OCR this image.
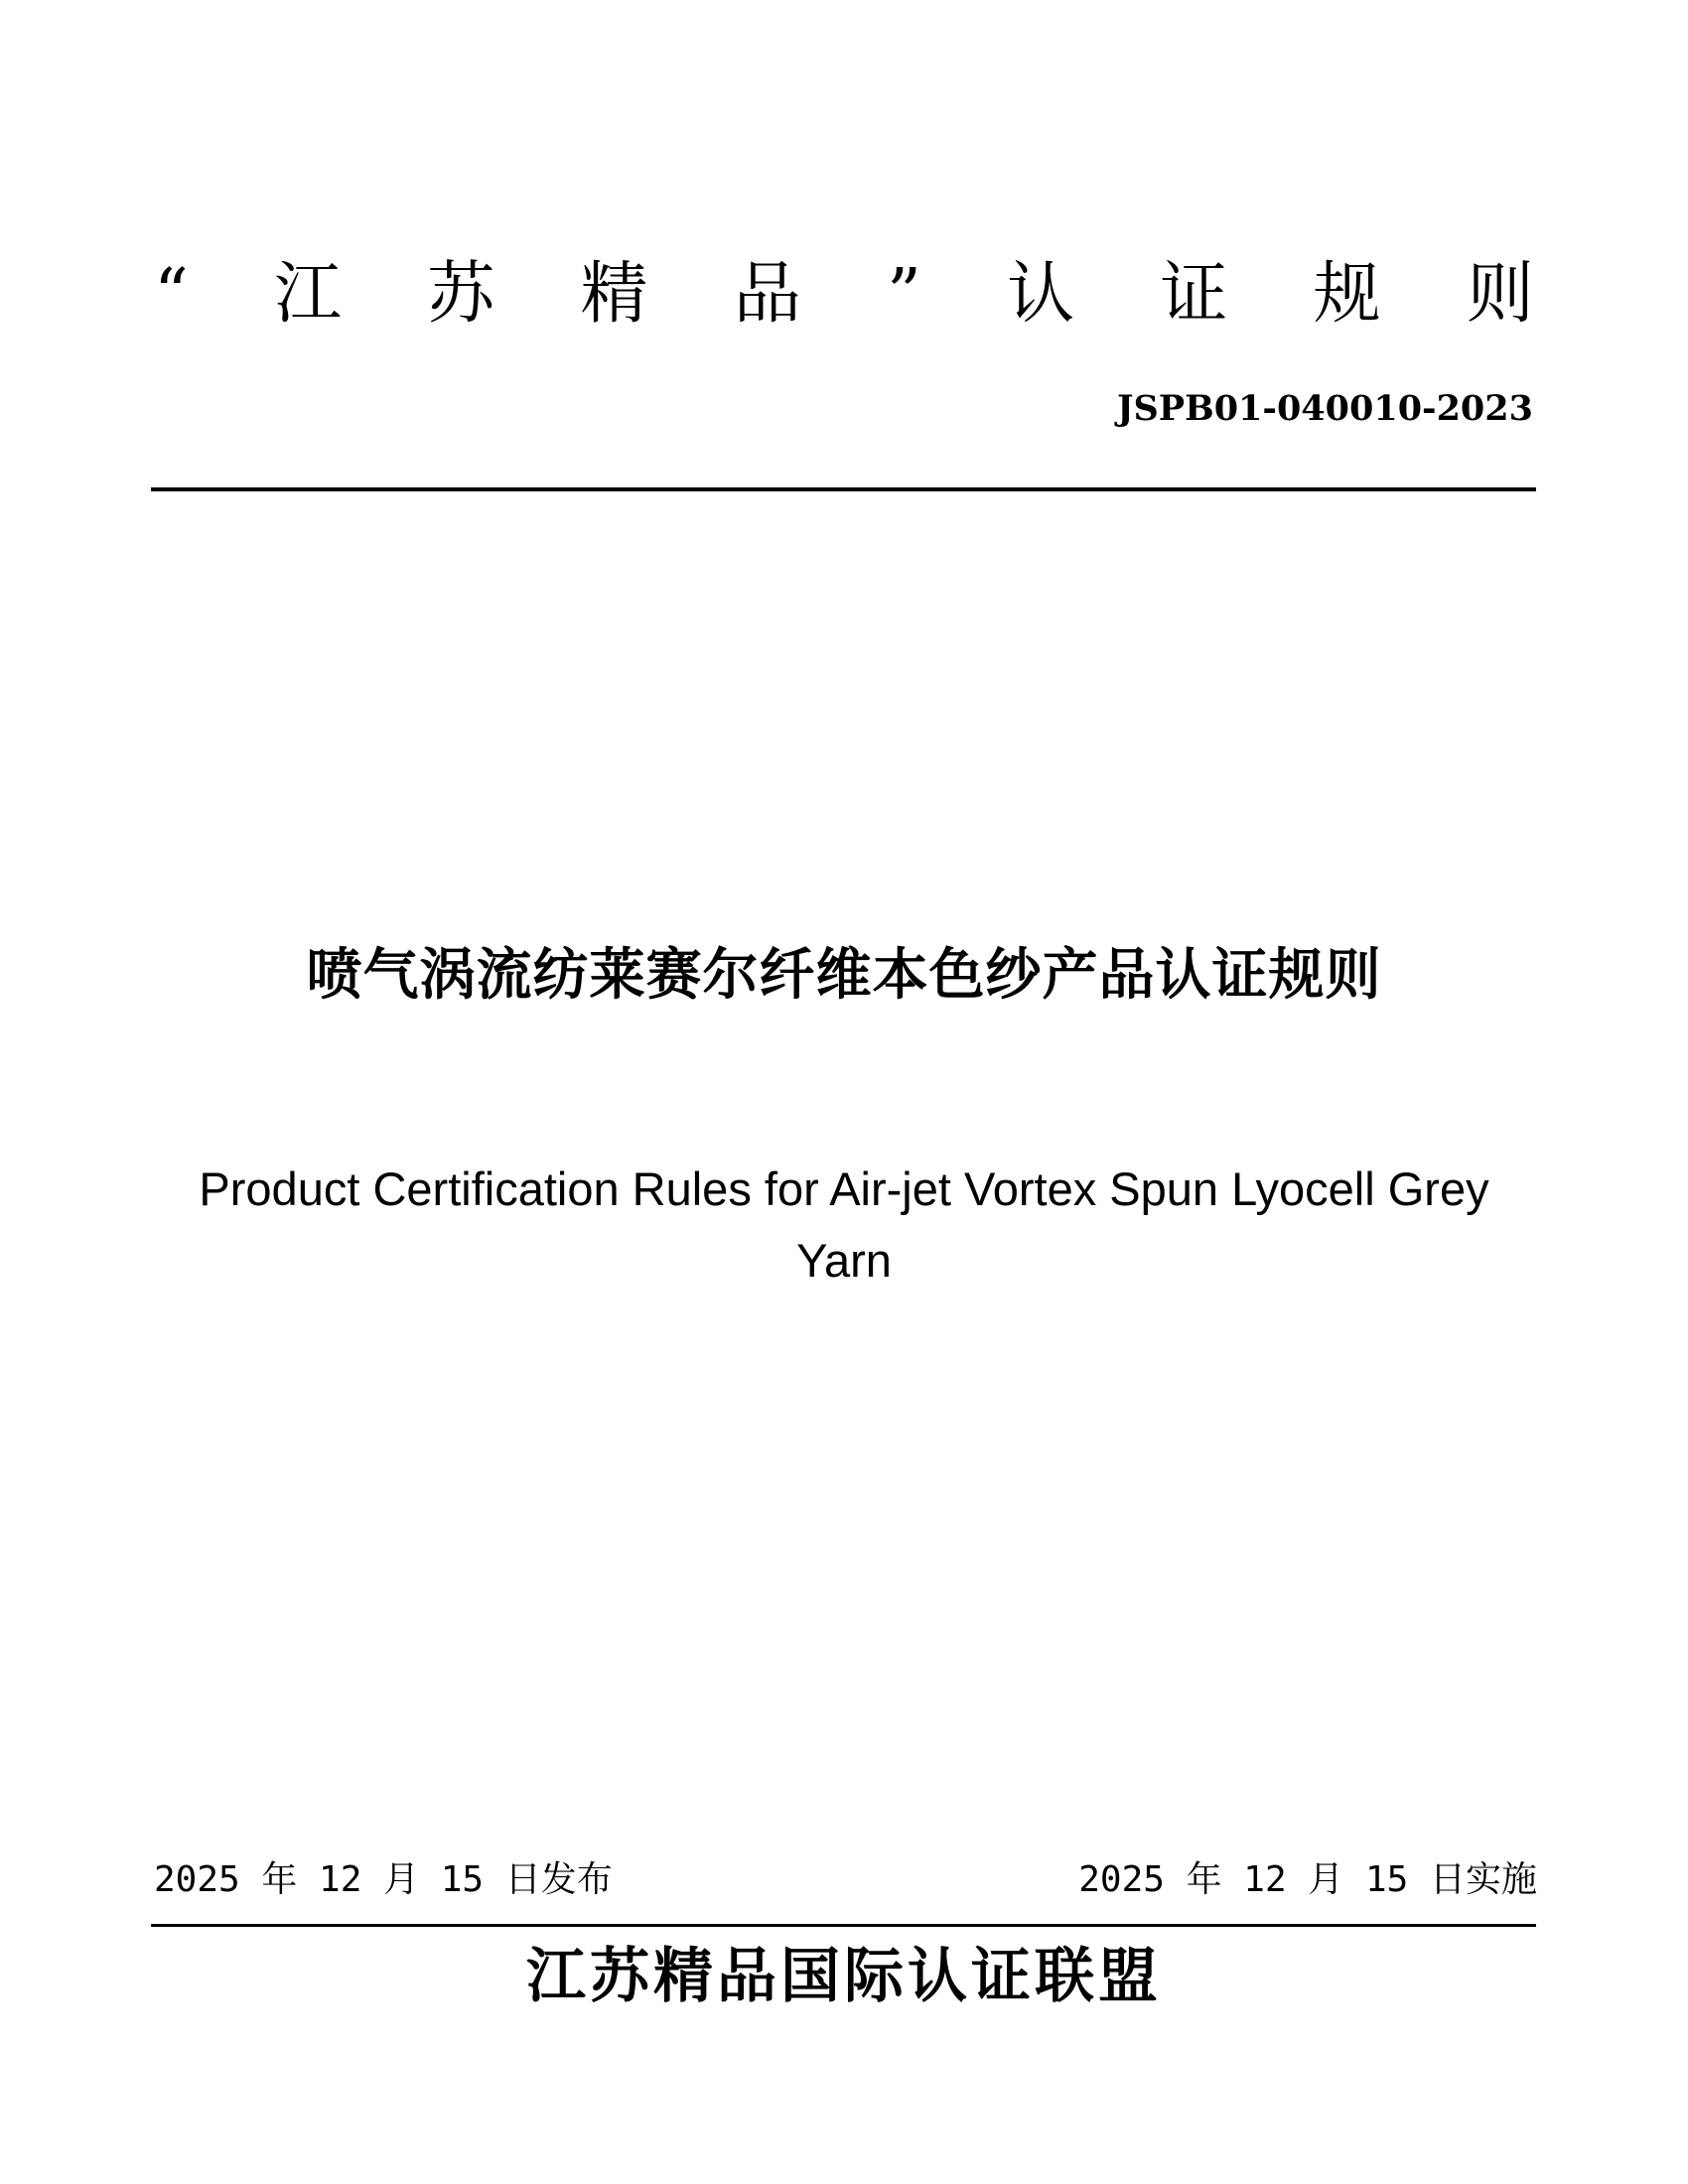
“ 江 苏 精 品 ” 认 证 规 则
JSPB01-040010-2023
喷气涡流纺莱赛尔纤维本色纱产品认证规则
Product Certification Rules for Air-jet Vortex Spun Lyocell Grey Yarn
2025 年 12 月 15 日发布	2025 年 12 月 15 日实施
江苏精品国际认证联盟
